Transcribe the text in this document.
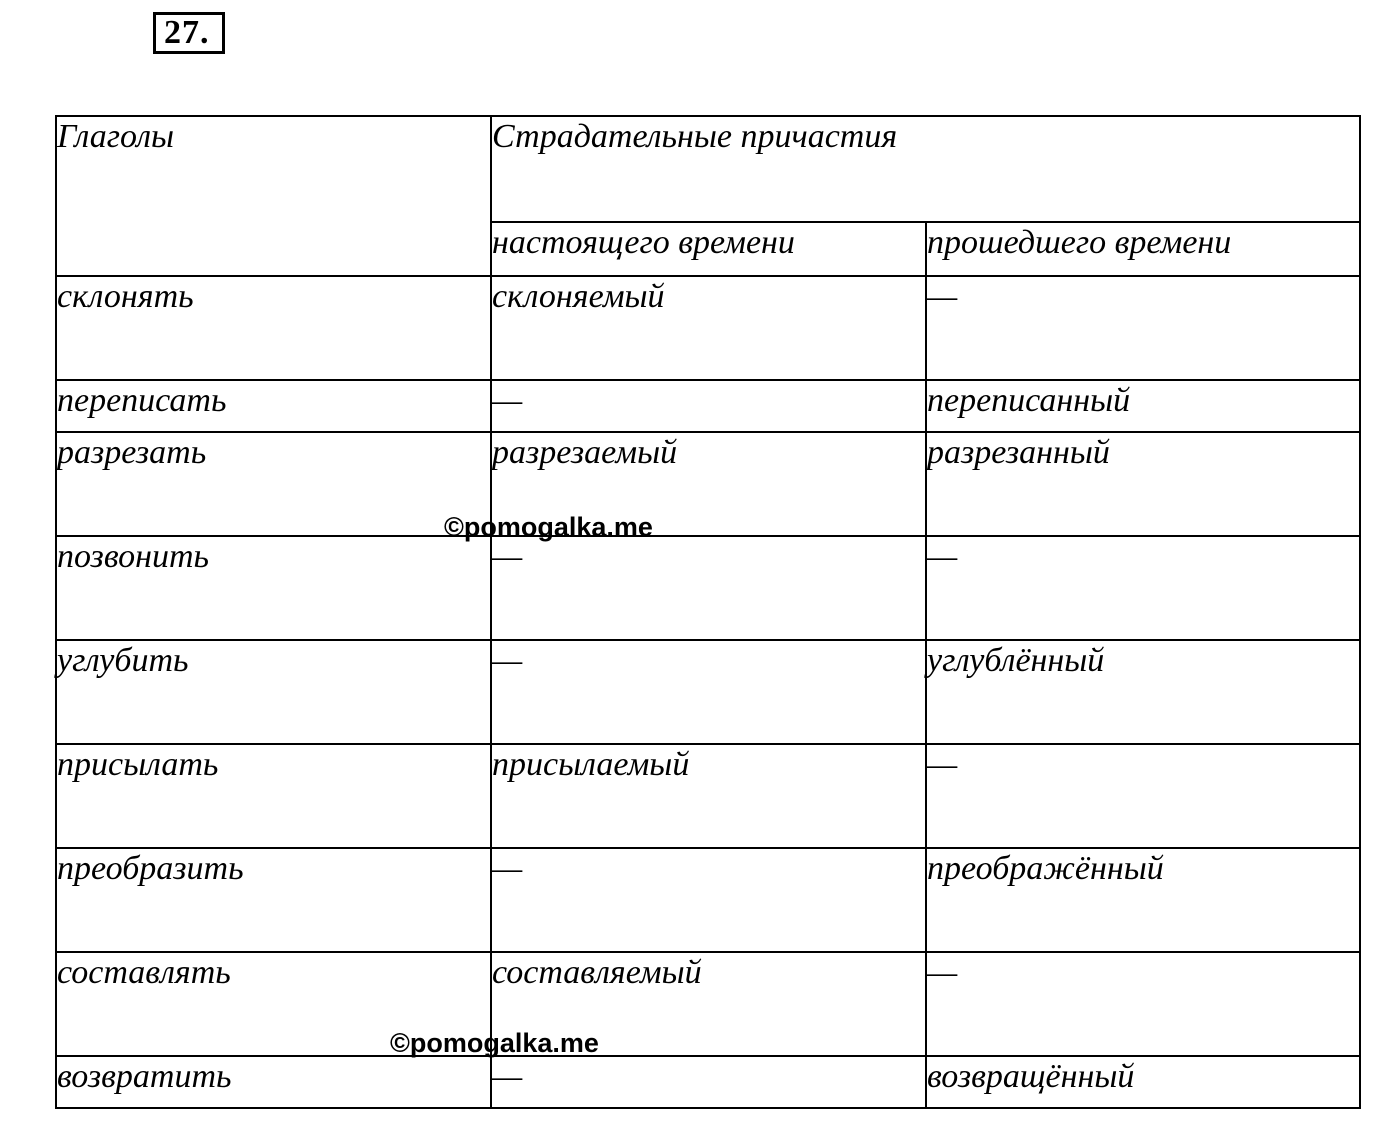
27.
Глаголы	Страдательные причастия	
	настоящего времени	прошедшего времени
склонять	склоняемый	—
переписать	—	переписанный
разрезать	разрезаемый	разрезанный
позвонить	—	—
углубить	—	углублённый
присылать	присылаемый	—
преобразить	—	преображённый
составлять	составляемый	—
возвратить	—	возвращённый
©pomogalka.me
©pomogalka.me
